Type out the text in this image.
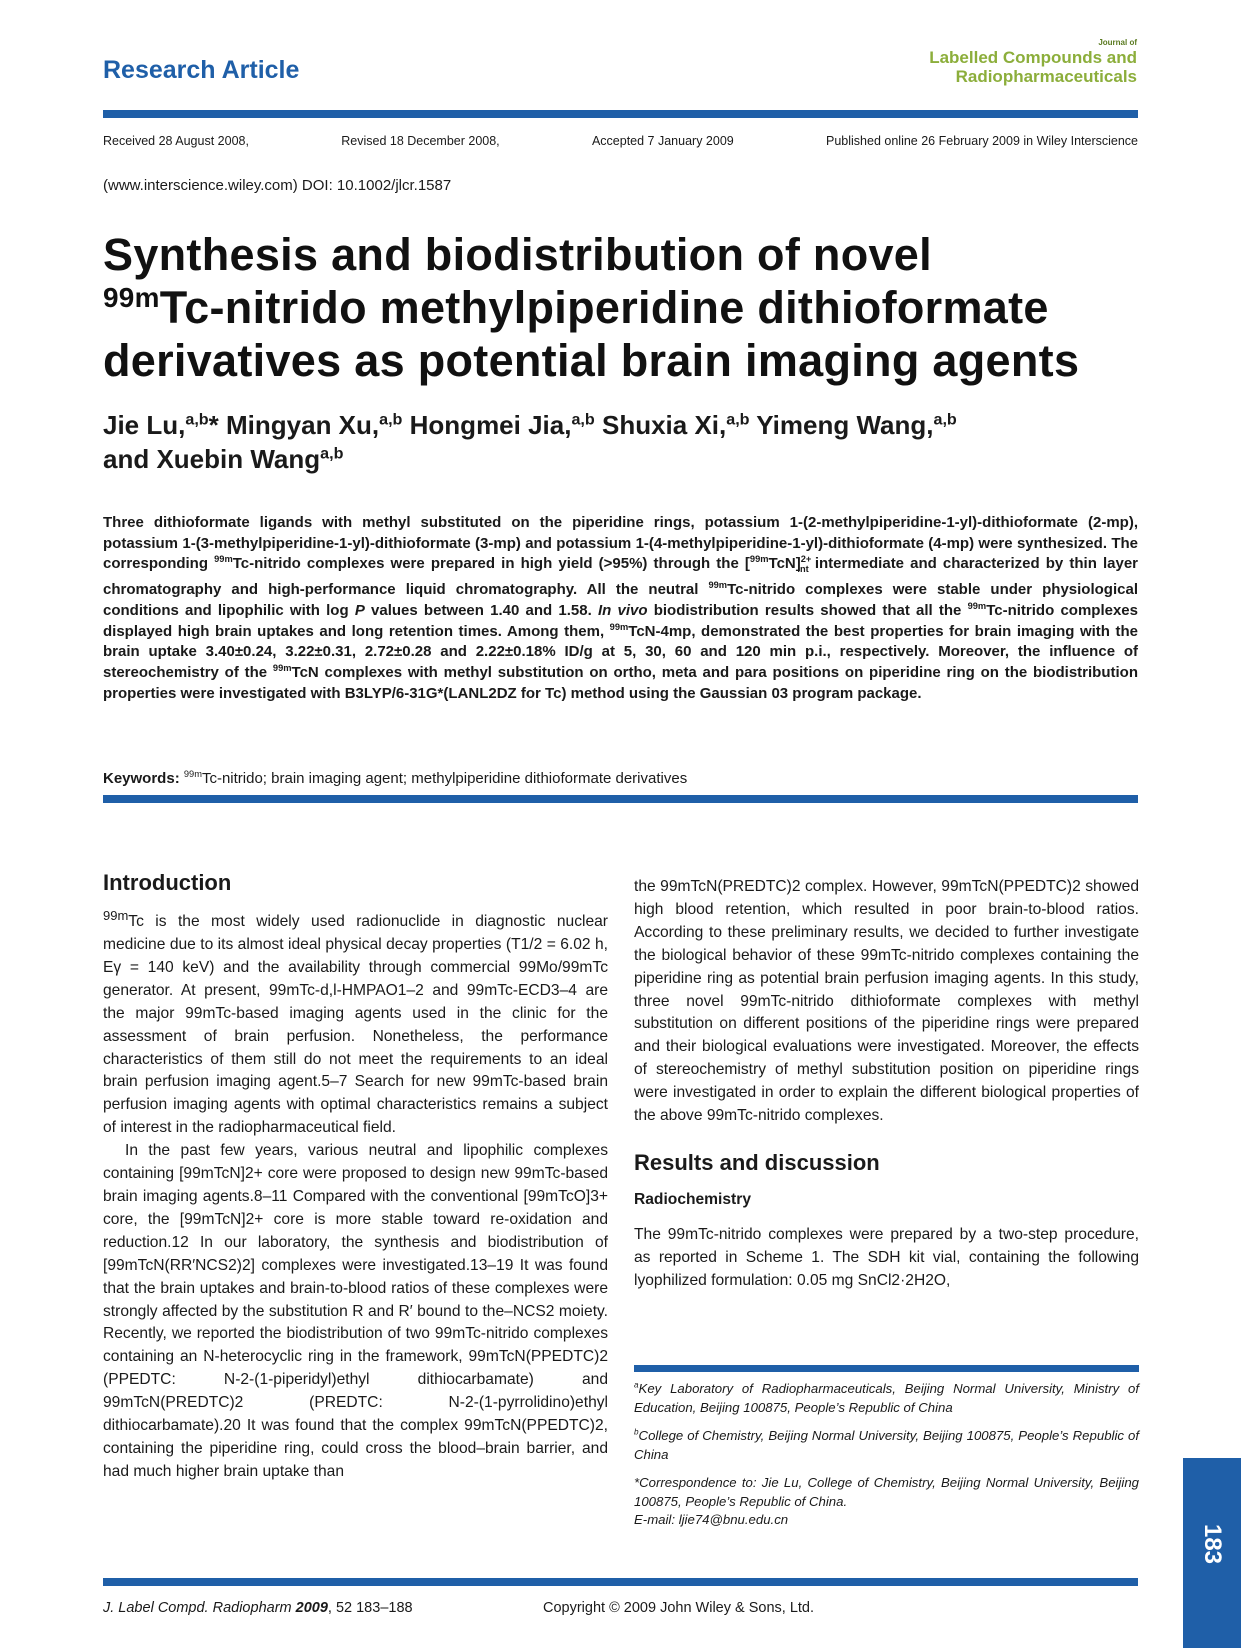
Research Article
Journal of
Labelled Compounds and
Radiopharmaceuticals
Received 28 August 2008,	Revised 18 December 2008,	Accepted 7 January 2009	Published online 26 February 2009 in Wiley Interscience
(www.interscience.wiley.com) DOI: 10.1002/jlcr.1587
Synthesis and biodistribution of novel
$^{99m}$Tc-nitrido methylpiperidine dithioformate
derivatives as potential brain imaging agents
Jie Lu,$^{a,b}$* Mingyan Xu,$^{a,b}$ Hongmei Jia,$^{a,b}$ Shuxia Xi,$^{a,b}$ Yimeng Wang,$^{a,b}$
and Xuebin Wang$^{a,b}$
Three dithioformate ligands with methyl substituted on the piperidine rings, potassium 1-(2-methylpiperidine-1-yl)-dithioformate (2-mp), potassium 1-(3-methylpiperidine-1-yl)-dithioformate (3-mp) and potassium 1-(4-methylpiperidine-1-yl)-dithioformate (4-mp) were synthesized. The corresponding $^{99m}$Tc-nitrido complexes were prepared in high yield (>95%) through the $[^{99m}TcN]^{2+}_{int}$ intermediate and characterized by thin layer chromatography and high-performance liquid chromatography. All the neutral $^{99m}$Tc-nitrido complexes were stable under physiological conditions and lipophilic with log P values between 1.40 and 1.58. In vivo biodistribution results showed that all the $^{99m}$Tc-nitrido complexes displayed high brain uptakes and long retention times. Among them, $^{99m}$TcN-4mp, demonstrated the best properties for brain imaging with the brain uptake 3.40±0.24, 3.22±0.31, 2.72±0.28 and 2.22±0.18% ID/g at 5, 30, 60 and 120 min p.i., respectively. Moreover, the influence of stereochemistry of the $^{99m}$TcN complexes with methyl substitution on ortho, meta and para positions on piperidine ring on the biodistribution properties were investigated with B3LYP/6-31G*(LANL2DZ for Tc) method using the Gaussian 03 program package.
Keywords: $^{99m}$Tc-nitrido; brain imaging agent; methylpiperidine dithioformate derivatives
Introduction

$^{99m}$Tc is the most widely used radionuclide in diagnostic nuclear medicine due to its almost ideal physical decay properties (T1/2 = 6.02 h, Eγ = 140 keV) and the availability through commercial 99Mo/99mTc generator. At present, 99mTc-d,l-HMPAO1–2 and 99mTc-ECD3–4 are the major 99mTc-based imaging agents used in the clinic for the assessment of brain perfusion. Nonetheless, the performance characteristics of them still do not meet the requirements to an ideal brain perfusion imaging agent.5–7 Search for new 99mTc-based brain perfusion imaging agents with optimal characteristics remains a subject of interest in the radiopharmaceutical field.

In the past few years, various neutral and lipophilic complexes containing [99mTcN]2+ core were proposed to design new 99mTc-based brain imaging agents.8–11 Compared with the conventional [99mTcO]3+ core, the [99mTcN]2+ core is more stable toward re-oxidation and reduction.12 In our laboratory, the synthesis and biodistribution of [99mTcN(RR′NCS2)2] complexes were investigated.13–19 It was found that the brain uptakes and brain-to-blood ratios of these complexes were strongly affected by the substitution R and R′ bound to the–NCS2 moiety. Recently, we reported the biodistribution of two 99mTc-nitrido complexes containing an N-heterocyclic ring in the framework, 99mTcN(PPEDTC)2 (PPEDTC: N-2-(1-piperidyl)ethyl dithiocarbamate) and 99mTcN(PREDTC)2 (PREDTC: N-2-(1-pyrrolidino)ethyl dithiocarbamate).20 It was found that the complex 99mTcN(PPEDTC)2, containing the piperidine ring, could cross the blood–brain barrier, and had much higher brain uptake than

the 99mTcN(PREDTC)2 complex. However, 99mTcN(PPEDTC)2 showed high blood retention, which resulted in poor brain-to-blood ratios. According to these preliminary results, we decided to further investigate the biological behavior of these 99mTc-nitrido complexes containing the piperidine ring as potential brain perfusion imaging agents. In this study, three novel 99mTc-nitrido dithioformate complexes with methyl substitution on different positions of the piperidine rings were prepared and their biological evaluations were investigated. Moreover, the effects of stereochemistry of methyl substitution position on piperidine rings were investigated in order to explain the different biological properties of the above 99mTc-nitrido complexes.

Results and discussion
Radiochemistry

The 99mTc-nitrido complexes were prepared by a two-step procedure, as reported in Scheme 1. The SDH kit vial, containing the following lyophilized formulation: 0.05 mg SnCl2·2H2O,

$^a$Key Laboratory of Radiopharmaceuticals, Beijing Normal University, Ministry of Education, Beijing 100875, People’s Republic of China

$^b$College of Chemistry, Beijing Normal University, Beijing 100875, People’s Republic of China

*Correspondence to: Jie Lu, College of Chemistry, Beijing Normal University, Beijing 100875, People’s Republic of China.

E-mail: ljie74@bnu.edu.cn

183
J. Label Compd. Radiopharm 2009, 52 183–188	Copyright © 2009 John Wiley & Sons, Ltd.
